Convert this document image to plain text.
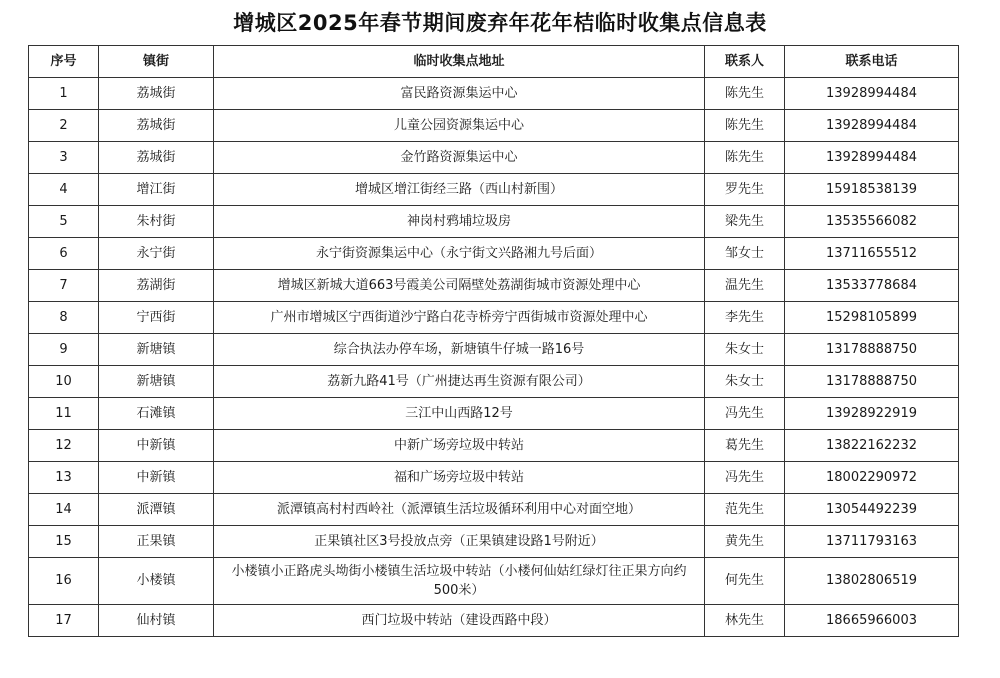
增城区2025年春节期间废弃年花年桔临时收集点信息表
序号	镇街	临时收集点地址	联系人	联系电话
1	荔城街	富民路资源集运中心	陈先生	13928994484
2	荔城街	儿童公园资源集运中心	陈先生	13928994484
3	荔城街	金竹路资源集运中心	陈先生	13928994484
4	增江街	增城区增江街经三路（西山村新围）	罗先生	15918538139
5	朱村街	神岗村鸦埔垃圾房	梁先生	13535566082
6	永宁街	永宁街资源集运中心（永宁街文兴路湘九号后面）	邹女士	13711655512
7	荔湖街	增城区新城大道663号霞美公司隔壁处荔湖街城市资源处理中心	温先生	13533778684
8	宁西街	广州市增城区宁西街道沙宁路白花寺桥旁宁西街城市资源处理中心	李先生	15298105899
9	新塘镇	综合执法办停车场，新塘镇牛仔城一路16号	朱女士	13178888750
10	新塘镇	荔新九路41号（广州捷达再生资源有限公司）	朱女士	13178888750
11	石滩镇	三江中山西路12号	冯先生	13928922919
12	中新镇	中新广场旁垃圾中转站	葛先生	13822162232
13	中新镇	福和广场旁垃圾中转站	冯先生	18002290972
14	派潭镇	派潭镇高村村西岭社（派潭镇生活垃圾循环利用中心对面空地）	范先生	13054492239
15	正果镇	正果镇社区3号投放点旁（正果镇建设路1号附近）	黄先生	13711793163
16	小楼镇	小楼镇小正路虎头坳街小楼镇生活垃圾中转站（小楼何仙姑红绿灯往正果方向约500米）	何先生	13802806519
17	仙村镇	西门垃圾中转站（建设西路中段）	林先生	18665966003
